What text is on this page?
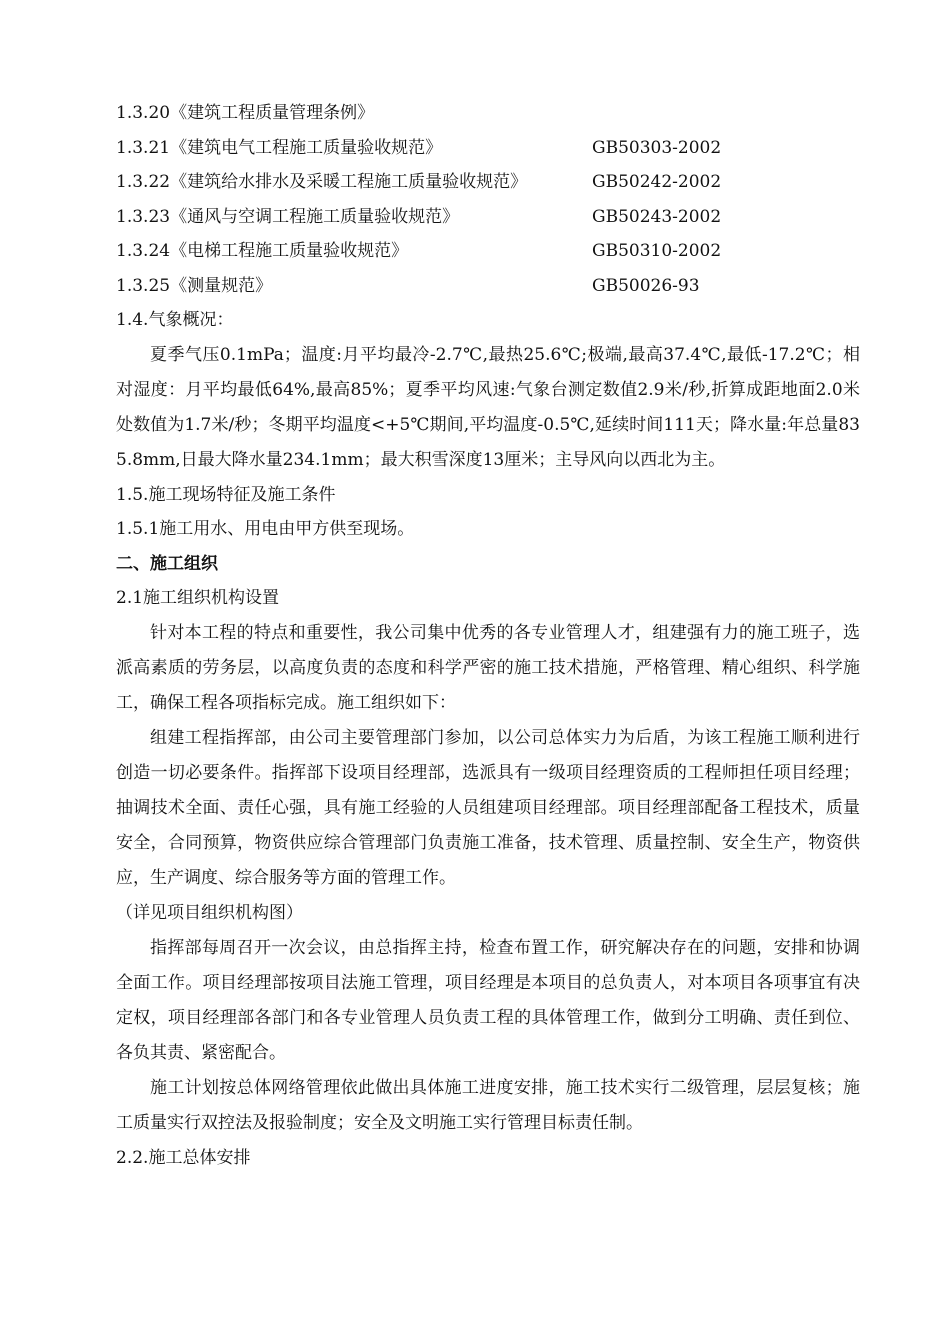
1.3.20《建筑工程质量管理条例》
1.3.21《建筑电气工程施工质量验收规范》	GB50303-2002
1.3.22《建筑给水排水及采暖工程施工质量验收规范》	GB50242-2002
1.3.23《通风与空调工程施工质量验收规范》	GB50243-2002
1.3.24《电梯工程施工质量验收规范》	GB50310-2002
1.3.25《测量规范》	GB50026-93
1.4.气象概况：

夏季气压0.1mPa；温度:月平均最冷-2.7℃,最热25.6℃;极端,最高37.4℃,最低-17.2℃；相对湿度：月平均最低64%,最高85%；夏季平均风速:气象台测定数值2.9米/秒,折算成距地面2.0米处数值为1.7米/秒；冬期平均温度<+5℃期间,平均温度-0.5℃,延续时间111天；降水量:年总量835.8mm,日最大降水量234.1mm；最大积雪深度13厘米；主导风向以西北为主。

1.5.施工现场特征及施工条件
1.5.1施工用水、用电由甲方供至现场。
二、施工组织
2.1施工组织机构设置

针对本工程的特点和重要性，我公司集中优秀的各专业管理人才，组建强有力的施工班子，选派高素质的劳务层，以高度负责的态度和科学严密的施工技术措施，严格管理、精心组织、科学施工，确保工程各项指标完成。施工组织如下：

组建工程指挥部，由公司主要管理部门参加，以公司总体实力为后盾，为该工程施工顺利进行创造一切必要条件。指挥部下设项目经理部，选派具有一级项目经理资质的工程师担任项目经理；抽调技术全面、责任心强，具有施工经验的人员组建项目经理部。项目经理部配备工程技术，质量安全，合同预算，物资供应综合管理部门负责施工准备，技术管理、质量控制、安全生产，物资供应，生产调度、综合服务等方面的管理工作。

（详见项目组织机构图）

指挥部每周召开一次会议，由总指挥主持，检查布置工作，研究解决存在的问题，安排和协调全面工作。项目经理部按项目法施工管理，项目经理是本项目的总负责人，对本项目各项事宜有决定权，项目经理部各部门和各专业管理人员负责工程的具体管理工作，做到分工明确、责任到位、各负其责、紧密配合。

施工计划按总体网络管理依此做出具体施工进度安排，施工技术实行二级管理，层层复核；施工质量实行双控法及报验制度；安全及文明施工实行管理目标责任制。

2.2.施工总体安排
